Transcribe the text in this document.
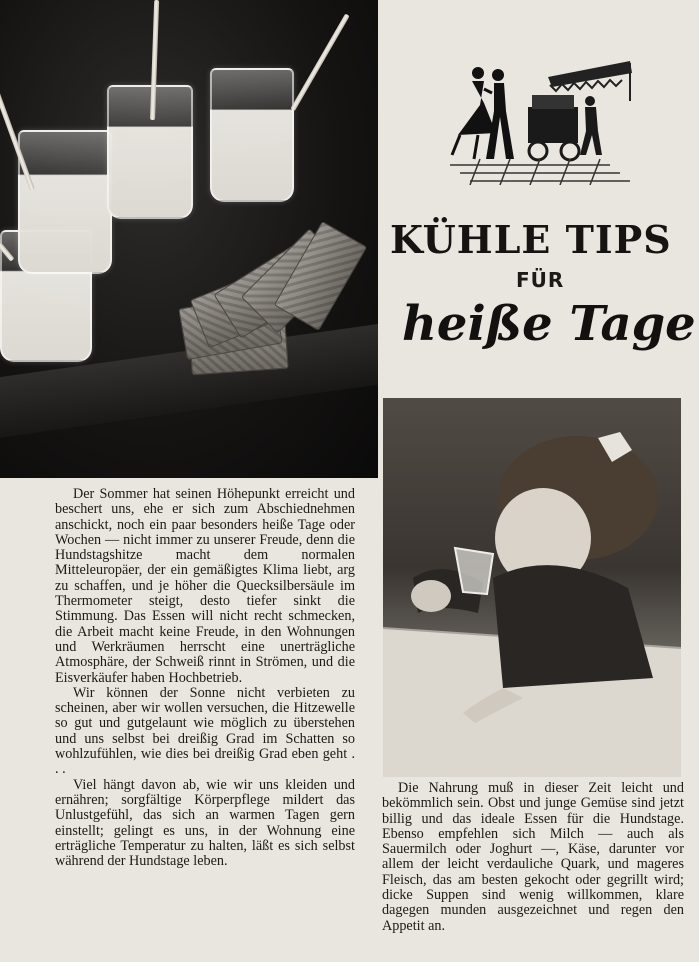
KÜHLE TIPS
FÜR
heiße Tage

Der Sommer hat seinen Höhepunkt erreicht und beschert uns, ehe er sich zum Abschiednehmen anschickt, noch ein paar besonders heiße Tage oder Wochen — nicht immer zu unserer Freude, denn die Hundstagshitze macht dem normalen Mitteleuropäer, der ein gemäßigtes Klima liebt, arg zu schaffen, und je höher die Quecksilbersäule im Thermometer steigt, desto tiefer sinkt die Stimmung. Das Essen will nicht recht schmecken, die Arbeit macht keine Freude, in den Wohnungen und Werkräumen herrscht eine unerträgliche Atmosphäre, der Schweiß rinnt in Strömen, und die Eisverkäufer haben Hochbetrieb.

Wir können der Sonne nicht verbieten zu scheinen, aber wir wollen versuchen, die Hitzewelle so gut und gutgelaunt wie möglich zu überstehen und uns selbst bei dreißig Grad im Schatten so wohlzufühlen, wie dies bei dreißig Grad eben geht . . .

Viel hängt davon ab, wie wir uns kleiden und ernähren; sorgfältige Körperpflege mildert das Unlustgefühl, das sich an warmen Tagen gern einstellt; gelingt es uns, in der Wohnung eine erträgliche Temperatur zu halten, läßt es sich selbst während der Hundstage leben.

Die Nahrung muß in dieser Zeit leicht und bekömmlich sein. Obst und junge Gemüse sind jetzt billig und das ideale Essen für die Hundstage. Ebenso empfehlen sich Milch — auch als Sauermilch oder Joghurt —, Käse, darunter vor allem der leicht verdauliche Quark, und mageres Fleisch, das am besten gekocht oder gegrillt wird; dicke Suppen sind wenig willkommen, klare dagegen munden ausgezeichnet und regen den Appetit an.
